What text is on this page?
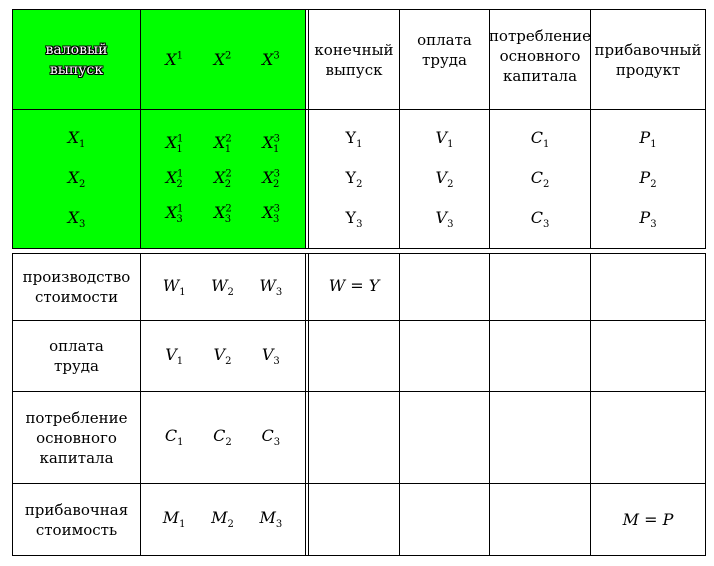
валовый
выпуск
$X^1$ $X^2$ $X^3$ конечный
выпуск
оплата
труда
потребление
основного
капитала
прибавочный
продукт
$X_1$
$X_2$
$X_3$
$X^1_1$ $X^2_1$ $X^3_1$
$X^1_2$ $X^2_2$ $X^3_2$
$X^1_3$ $X^2_3$ $X^3_3$
$Y_1$
$Y_2$
$Y_3$
$V_1$
$V_2$
$V_3$
$C_1$
$C_2$
$C_3$
$P_1$
$P_2$
$P_3$
производство
стоимости
$W_1$ $W_2$ $W_3$	W = Y
оплата
труда
$V_1$ $V_2$ $V_3$
потребление
основного
капитала
$C_1$ $C_2$ $C_3$
прибавочная
стоимость
$M_1$ $M_2$ $M_3$	M = P
